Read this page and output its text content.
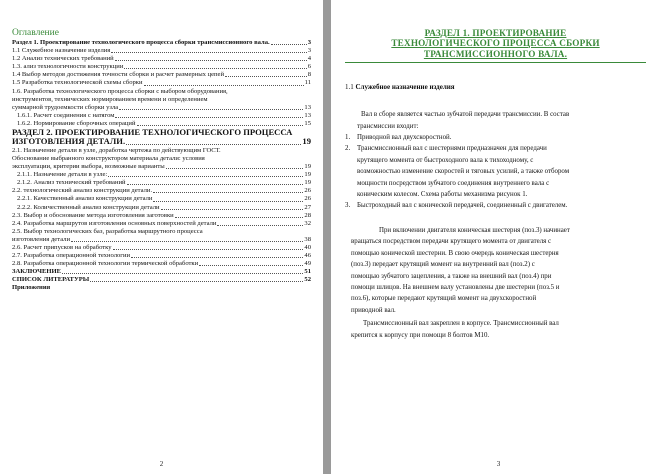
Оглавление
Раздел 1. Проектирование технологического процесса сборки трансмиссионного вала.	3
1.1 Служебное назначение изделия	3
1.2 Анализ технических требований	4
1.3. ализ технологичности конструкции	6
1.4 Выбор методов достижения точности сборки и расчет размерных цепей	8
1.5 Разработка технологической схемы сборки	11
1.6. Разработка технологического процесса сборки с выбором оборудования,
инструментов, технических нормированием времени и определением
суммарной трудоемкости сборки узла	13
1.6.1. Расчет соединения с натягом	13
1.6.2. Нормирование сборочных операций	15
РАЗДЕЛ 2. ПРОЕКТИРОВАНИЕ ТЕХНОЛОГИЧЕСКОГО ПРОЦЕССА
ИЗГОТОВЛЕНИЯ ДЕТАЛИ.	19
2.1. Назначение детали в узле, доработка чертежа по действующим ГОСТ.
Обоснование выбранного конструктором материала детали: условия
эксплуатации, критерии выбора, возможные варианты	19
2.1.1. Назначение детали в узле:	19
2.1.2. Анализ технический требований	19
2.2. технологический анализ конструкции детали.	26
2.2.1. Качественный анализ конструкции детали	26
2.2.2. Количественный анализ конструкции детали	27
2.3. Выбор и обоснование метода изготовления заготовки	28
2.4. Разработка маршрутов изготовления основных поверхностей детали	32
2.5. Выбор технологических баз, разработка маршрутного процесса
изготовления детали	38
2.6. Расчет припусков на обработку	40
2.7. Разработка операционной технологии	46
2.8. Разработка операционной технологии термической обработки	49
ЗАКЛЮЧЕНИЕ	51
СПИСОК ЛИТЕРАТУРЫ	52
Приложения
2
РАЗДЕЛ 1. ПРОЕКТИРОВАНИЕ
ТЕХНОЛОГИЧЕСКОГО ПРОЦЕССА СБОРКИ
ТРАНСМИССИОННОГО ВАЛА.
1.1 Служебное назначение изделия
Вал в сборе является частью зубчатой передачи трансмиссии. В состав
трансмиссии входит:
1. Приводной вал двухскоростной.
2. Трансмиссионный вал с шестернями предназначен для передачи
крутящего момента от быстроходного вала к тихоходному, с
возможностью изменение скоростей и тяговых усилий, а также отбором
мощности посредством зубчатого соединения внутреннего вала с
коническим колесом. Схема работы механизма рисунок 1.
3. Быстроходный вал с конической передачей, соединенный с двигателем.
При включении двигателя коническая шестерня (поз.3) начинает
вращаться посредством передачи крутящего момента от двигателя с
помощью конической шестерни. В свою очередь коническая шестерня
(поз.3) передает крутящий момент на внутренний вал (поз.2) с
помощью зубчатого зацепления, а также на внешний вал (поз.4) при
помощи шлицов. На внешнем валу установлены две шестерни (поз.5 и
поз.6), которые передают крутящий момент на двухскоростной
приводной вал.
Трансмиссионный вал закреплен в корпусе. Трансмиссионный вал
крепится к корпусу при помощи 8 болтов М10.
3
